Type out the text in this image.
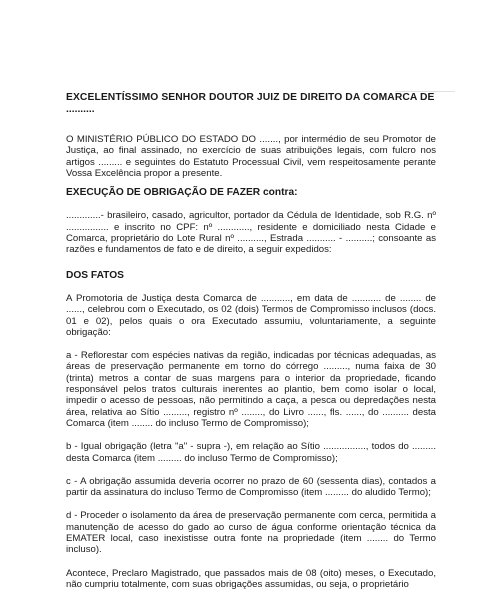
EXCELENTÍSSIMO SENHOR DOUTOR JUIZ DE DIREITO DA COMARCA DE
..........

O MINISTÉRIO PÚBLICO DO ESTADO DO ......., por intermédio de seu Promotor de Justiça, ao final assinado, no exercício de suas atribuições legais, com fulcro nos artigos ......... e seguintes do Estatuto Processual Civil, vem respeitosamente perante Vossa Excelência propor a presente.

EXECUÇÃO DE OBRIGAÇÃO DE FAZER contra:

.............- brasileiro, casado, agricultor, portador da Cédula de Identidade, sob R.G. nº ................ e inscrito no CPF: nº ............, residente e domiciliado nesta Cidade e Comarca, proprietário do Lote Rural nº .........., Estrada ........... - ..........; consoante as razões e fundamentos de fato e de direito, a seguir expedidos:

DOS FATOS

A Promotoria de Justiça desta Comarca de ..........., em data de ........... de ........ de ......, celebrou com o Executado, os 02 (dois) Termos de Compromisso inclusos (docs. 01 e 02), pelos quais o ora Executado assumiu, voluntariamente, a seguinte obrigação:

a - Reflorestar com espécies nativas da região, indicadas por técnicas adequadas, as áreas de preservação permanente em torno do córrego ........., numa faixa de 30 (trinta) metros a contar de suas margens para o interior da propriedade, ficando responsável pelos tratos culturais inerentes ao plantio, bem como isolar o local, impedir o acesso de pessoas, não permitindo a caça, a pesca ou depredações nesta área, relativa ao Sítio ........., registro nº ........, do Livro ......, fls. ......, do .......... desta Comarca (item ........ do incluso Termo de Compromisso);

b - Igual obrigação (letra "a" - supra -), em relação ao Sítio ................, todos do ......... desta Comarca (item ......... do incluso Termo de Compromisso);

c - A obrigação assumida deveria ocorrer no prazo de 60 (sessenta dias), contados a partir da assinatura do incluso Termo de Compromisso (item ......... do aludido Termo);

d - Proceder o isolamento da área de preservação permanente com cerca, permitida a manutenção de acesso do gado ao curso de água conforme orientação técnica da EMATER local, caso inexistisse outra fonte na propriedade (item ........ do Termo incluso).

Acontece, Preclaro Magistrado, que passados mais de 08 (oito) meses, o Executado, não cumpriu totalmente, com suas obrigações assumidas, ou seja, o proprietário
